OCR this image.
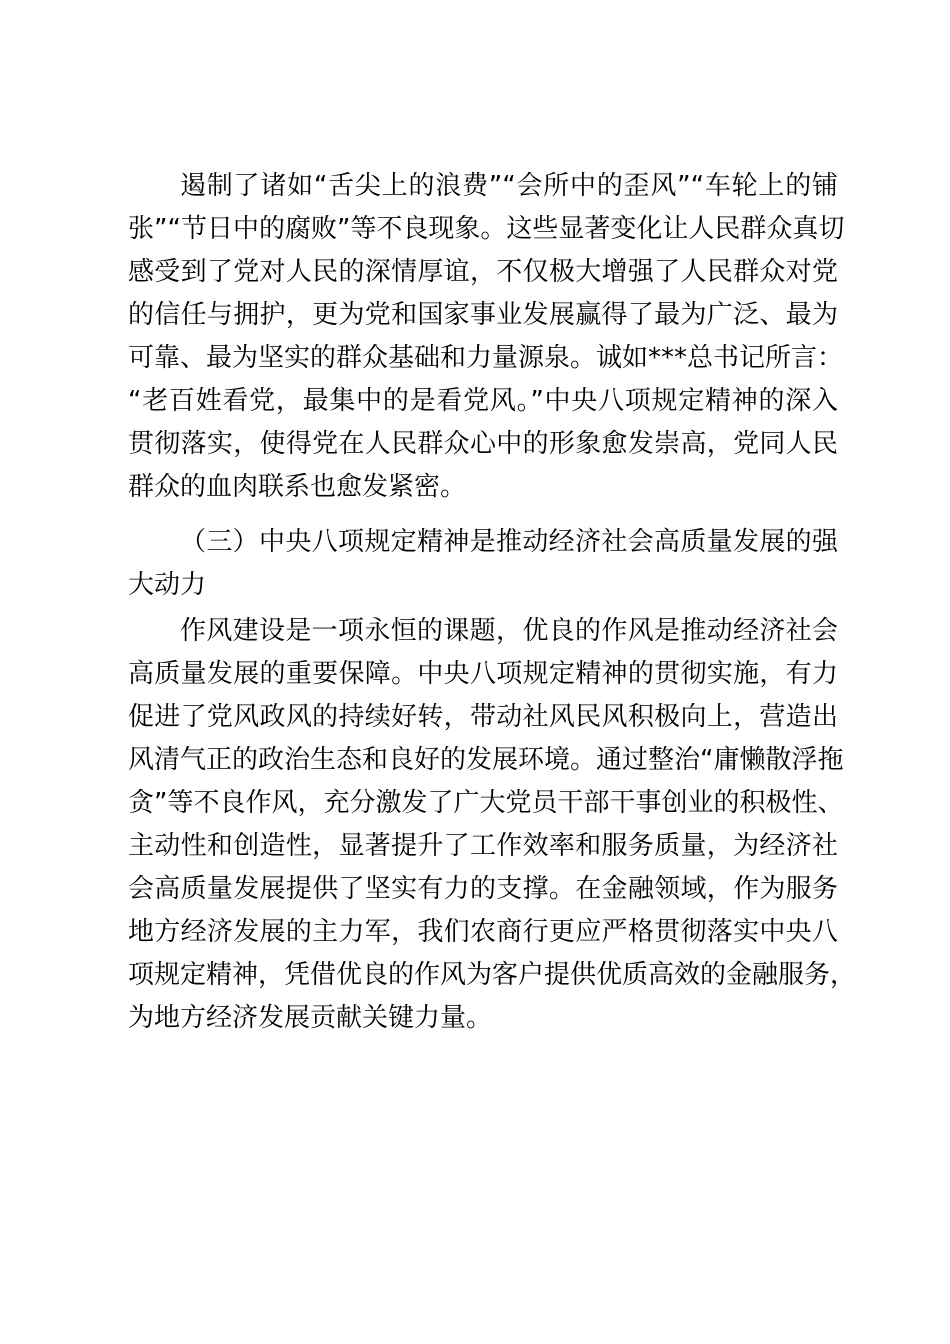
遏制了诸如“舌尖上的浪费”“会所中的歪风”“车轮上的铺

张”“节日中的腐败”等不良现象。这些显著变化让人民群众真切

感受到了党对人民的深情厚谊，不仅极大增强了人民群众对党

的信任与拥护，更为党和国家事业发展赢得了最为广泛、最为

可靠、最为坚实的群众基础和力量源泉。诚如***总书记所言：

“老百姓看党，最集中的是看党风。”中央八项规定精神的深入

贯彻落实，使得党在人民群众心中的形象愈发崇高，党同人民

群众的血肉联系也愈发紧密。

（三）中央八项规定精神是推动经济社会高质量发展的强

大动力

作风建设是一项永恒的课题，优良的作风是推动经济社会

高质量发展的重要保障。中央八项规定精神的贯彻实施，有力

促进了党风政风的持续好转，带动社风民风积极向上，营造出

风清气正的政治生态和良好的发展环境。通过整治“庸懒散浮拖

贪”等不良作风，充分激发了广大党员干部干事创业的积极性、

主动性和创造性，显著提升了工作效率和服务质量，为经济社

会高质量发展提供了坚实有力的支撑。在金融领域，作为服务

地方经济发展的主力军，我们农商行更应严格贯彻落实中央八

项规定精神，凭借优良的作风为客户提供优质高效的金融服务，

为地方经济发展贡献关键力量。
